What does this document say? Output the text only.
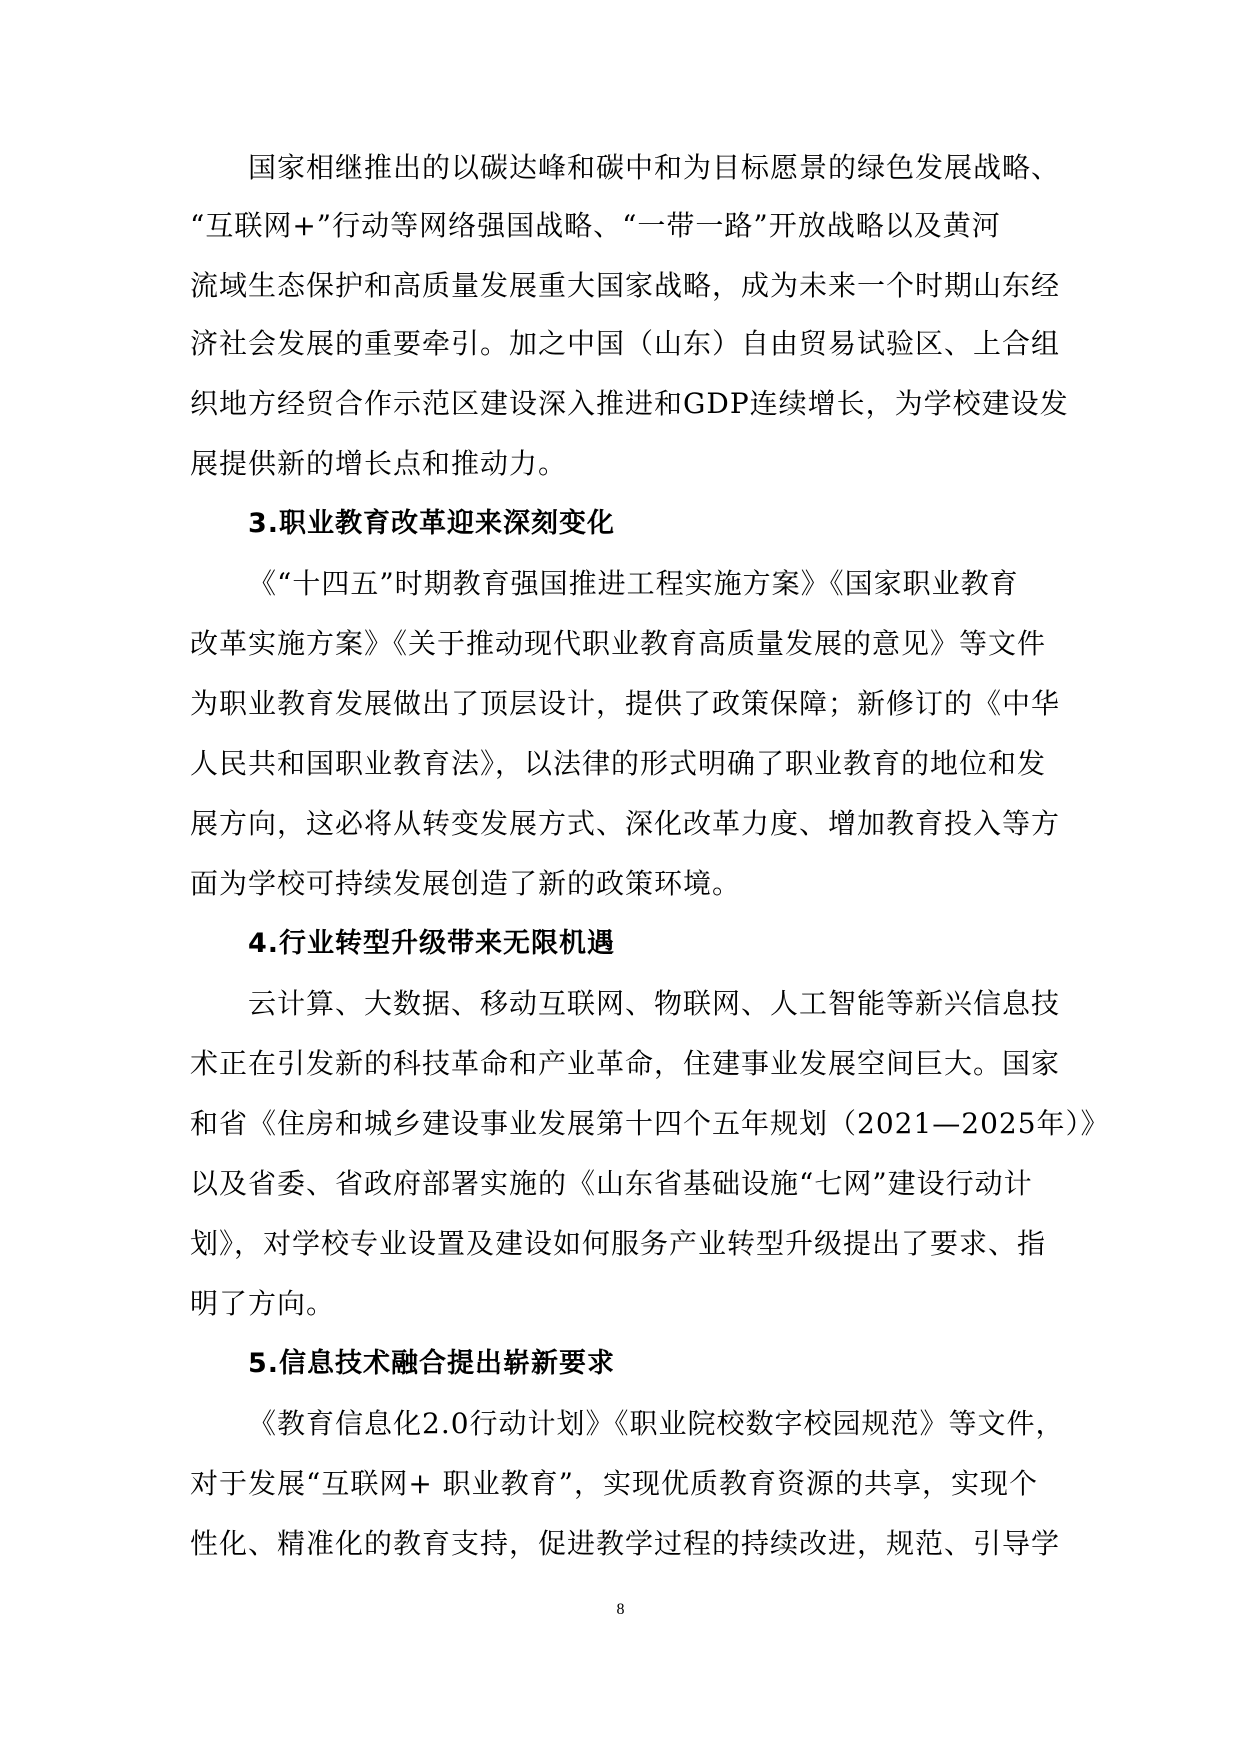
国家相继推出的以碳达峰和碳中和为目标愿景的绿色发展战略、

“互联网+”行动等网络强国战略、“一带一路”开放战略以及黄河

流域生态保护和高质量发展重大国家战略，成为未来一个时期山东经

济社会发展的重要牵引。加之中国（山东）自由贸易试验区、上合组

织地方经贸合作示范区建设深入推进和GDP连续增长，为学校建设发

展提供新的增长点和推动力。

3.职业教育改革迎来深刻变化

《“十四五”时期教育强国推进工程实施方案》《国家职业教育

改革实施方案》《关于推动现代职业教育高质量发展的意见》等文件

为职业教育发展做出了顶层设计，提供了政策保障；新修订的《中华

人民共和国职业教育法》，以法律的形式明确了职业教育的地位和发

展方向，这必将从转变发展方式、深化改革力度、增加教育投入等方

面为学校可持续发展创造了新的政策环境。

4.行业转型升级带来无限机遇

云计算、大数据、移动互联网、物联网、人工智能等新兴信息技

术正在引发新的科技革命和产业革命，住建事业发展空间巨大。国家

和省《住房和城乡建设事业发展第十四个五年规划（2021—2025年）》

以及省委、省政府部署实施的《山东省基础设施“七网”建设行动计

划》，对学校专业设置及建设如何服务产业转型升级提出了要求、指

明了方向。

5.信息技术融合提出崭新要求

《教育信息化2.0行动计划》《职业院校数字校园规范》等文件，

对于发展“互联网+ 职业教育”，实现优质教育资源的共享，实现个

性化、精准化的教育支持，促进教学过程的持续改进，规范、引导学

8
